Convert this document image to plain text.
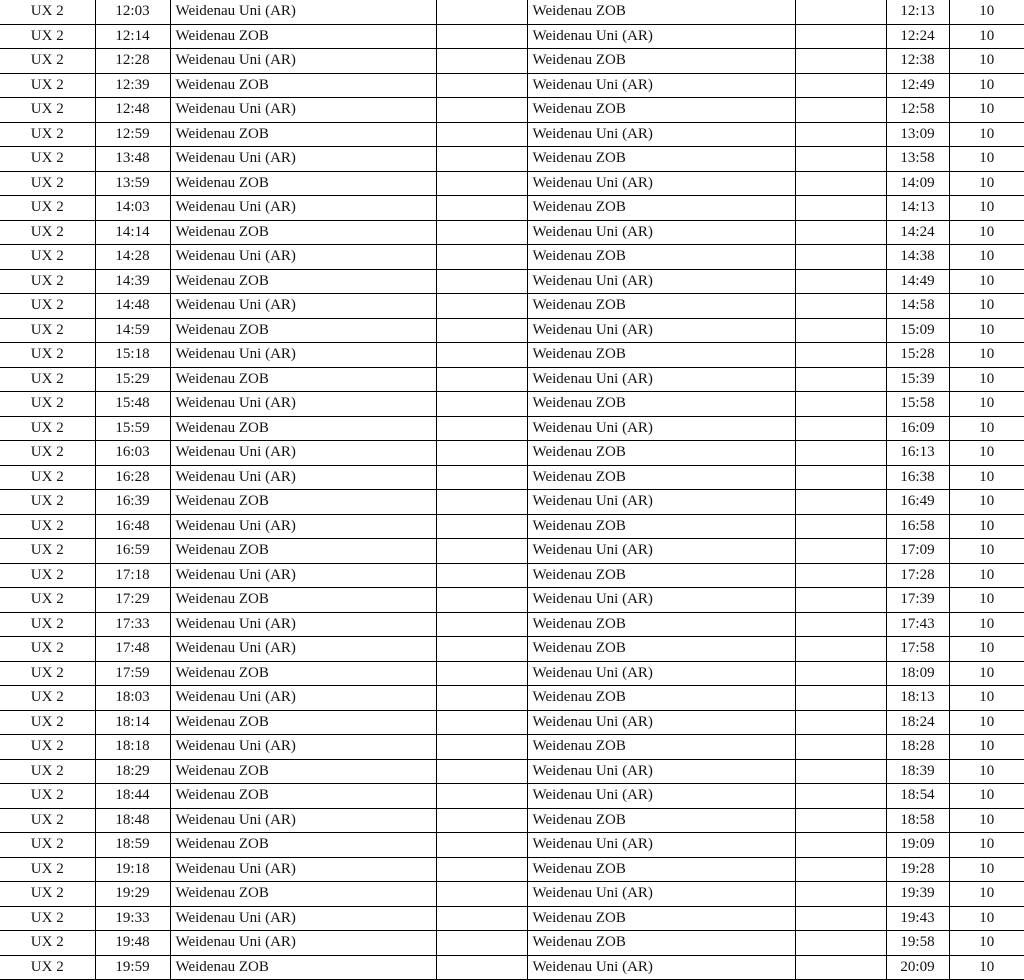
UX 2	12:03	Weidenau Uni (AR)		Weidenau ZOB		12:13	10
UX 2	12:14	Weidenau ZOB		Weidenau Uni (AR)		12:24	10
UX 2	12:28	Weidenau Uni (AR)		Weidenau ZOB		12:38	10
UX 2	12:39	Weidenau ZOB		Weidenau Uni (AR)		12:49	10
UX 2	12:48	Weidenau Uni (AR)		Weidenau ZOB		12:58	10
UX 2	12:59	Weidenau ZOB		Weidenau Uni (AR)		13:09	10
UX 2	13:48	Weidenau Uni (AR)		Weidenau ZOB		13:58	10
UX 2	13:59	Weidenau ZOB		Weidenau Uni (AR)		14:09	10
UX 2	14:03	Weidenau Uni (AR)		Weidenau ZOB		14:13	10
UX 2	14:14	Weidenau ZOB		Weidenau Uni (AR)		14:24	10
UX 2	14:28	Weidenau Uni (AR)		Weidenau ZOB		14:38	10
UX 2	14:39	Weidenau ZOB		Weidenau Uni (AR)		14:49	10
UX 2	14:48	Weidenau Uni (AR)		Weidenau ZOB		14:58	10
UX 2	14:59	Weidenau ZOB		Weidenau Uni (AR)		15:09	10
UX 2	15:18	Weidenau Uni (AR)		Weidenau ZOB		15:28	10
UX 2	15:29	Weidenau ZOB		Weidenau Uni (AR)		15:39	10
UX 2	15:48	Weidenau Uni (AR)		Weidenau ZOB		15:58	10
UX 2	15:59	Weidenau ZOB		Weidenau Uni (AR)		16:09	10
UX 2	16:03	Weidenau Uni (AR)		Weidenau ZOB		16:13	10
UX 2	16:28	Weidenau Uni (AR)		Weidenau ZOB		16:38	10
UX 2	16:39	Weidenau ZOB		Weidenau Uni (AR)		16:49	10
UX 2	16:48	Weidenau Uni (AR)		Weidenau ZOB		16:58	10
UX 2	16:59	Weidenau ZOB		Weidenau Uni (AR)		17:09	10
UX 2	17:18	Weidenau Uni (AR)		Weidenau ZOB		17:28	10
UX 2	17:29	Weidenau ZOB		Weidenau Uni (AR)		17:39	10
UX 2	17:33	Weidenau Uni (AR)		Weidenau ZOB		17:43	10
UX 2	17:48	Weidenau Uni (AR)		Weidenau ZOB		17:58	10
UX 2	17:59	Weidenau ZOB		Weidenau Uni (AR)		18:09	10
UX 2	18:03	Weidenau Uni (AR)		Weidenau ZOB		18:13	10
UX 2	18:14	Weidenau ZOB		Weidenau Uni (AR)		18:24	10
UX 2	18:18	Weidenau Uni (AR)		Weidenau ZOB		18:28	10
UX 2	18:29	Weidenau ZOB		Weidenau Uni (AR)		18:39	10
UX 2	18:44	Weidenau ZOB		Weidenau Uni (AR)		18:54	10
UX 2	18:48	Weidenau Uni (AR)		Weidenau ZOB		18:58	10
UX 2	18:59	Weidenau ZOB		Weidenau Uni (AR)		19:09	10
UX 2	19:18	Weidenau Uni (AR)		Weidenau ZOB		19:28	10
UX 2	19:29	Weidenau ZOB		Weidenau Uni (AR)		19:39	10
UX 2	19:33	Weidenau Uni (AR)		Weidenau ZOB		19:43	10
UX 2	19:48	Weidenau Uni (AR)		Weidenau ZOB		19:58	10
UX 2	19:59	Weidenau ZOB		Weidenau Uni (AR)		20:09	10
